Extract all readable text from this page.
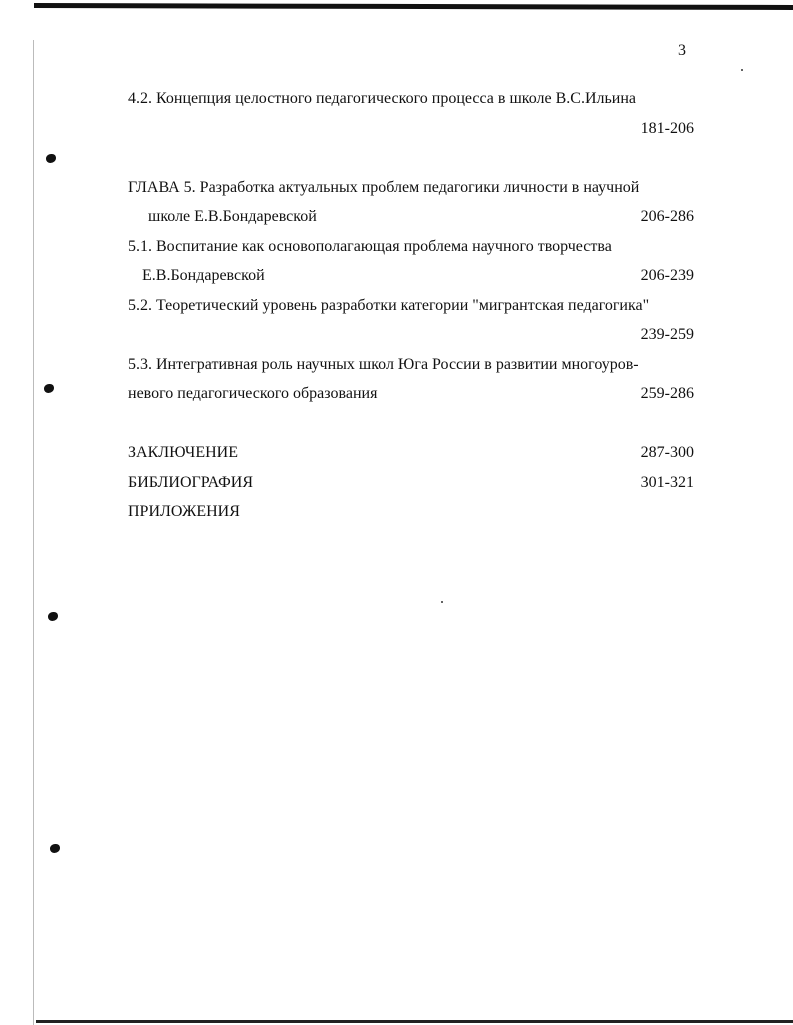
3
4.2. Концепция целостного педагогического процесса в школе В.С.Ильина
181-206
ГЛАВА 5. Разработка актуальных проблем педагогики личности в научной
школе Е.В.Бондаревской	206-286
5.1. Воспитание как основополагающая проблема научного творчества
Е.В.Бондаревской	206-239
5.2. Теоретический уровень разработки категории "мигрантская педагогика"
239-259
5.3. Интегративная роль научных школ Юга России в развитии многоуров-
невого педагогического образования	259-286
ЗАКЛЮЧЕНИЕ	287-300
БИБЛИОГРАФИЯ	301-321
ПРИЛОЖЕНИЯ
